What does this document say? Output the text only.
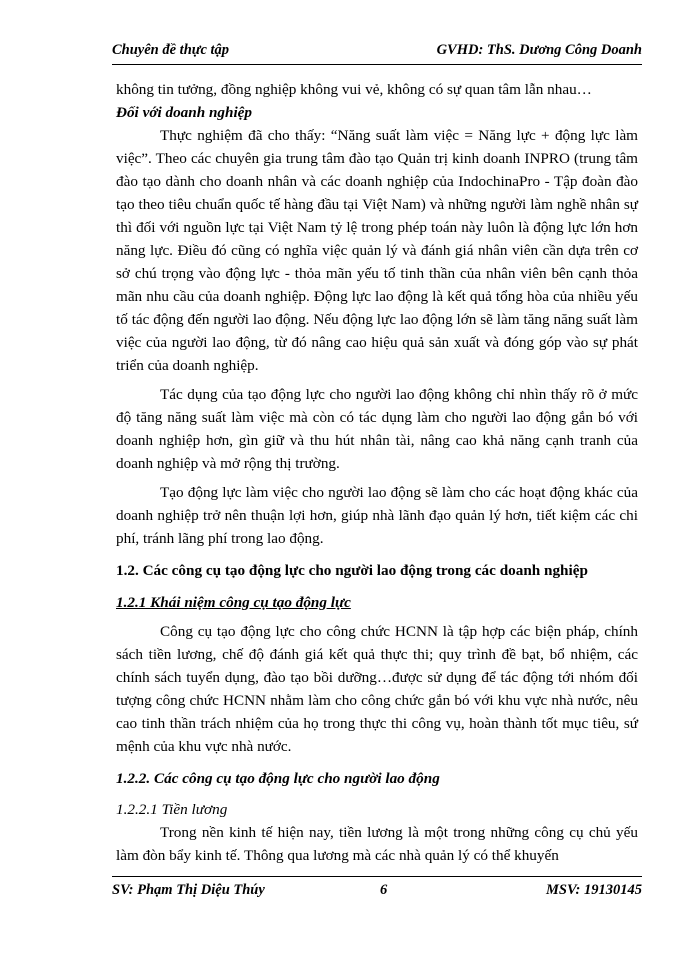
Chuyên đề thực tập	GVHD: ThS. Dương Công Doanh

không tin tưởng, đồng nghiệp không vui vẻ, không có sự quan tâm lẫn nhau…

Đối với doanh nghiệp

Thực nghiệm đã cho thấy: “Năng suất làm việc = Năng lực + động lực làm việc”. Theo các chuyên gia trung tâm đào tạo Quản trị kinh doanh INPRO (trung tâm đào tạo dành cho doanh nhân và các doanh nghiệp của IndochinaPro - Tập đoàn đào tạo theo tiêu chuẩn quốc tế hàng đầu tại Việt Nam) và những người làm nghề nhân sự thì đối với nguồn lực tại Việt Nam tỷ lệ trong phép toán này luôn là động lực lớn hơn năng lực. Điều đó cũng có nghĩa việc quản lý và đánh giá nhân viên cần dựa trên cơ sở chú trọng vào động lực - thỏa mãn yếu tố tinh thần của nhân viên bên cạnh thỏa mãn nhu cầu của doanh nghiệp. Động lực lao động là kết quả tổng hòa của nhiều yếu tố tác động đến người lao động. Nếu động lực lao động lớn sẽ làm tăng năng suất làm việc của người lao động, từ đó nâng cao hiệu quả sản xuất và đóng góp vào sự phát triển của doanh nghiệp.

Tác dụng của tạo động lực cho người lao động không chỉ nhìn thấy rõ ở mức độ tăng năng suất làm việc mà còn có tác dụng làm cho người lao động gắn bó với doanh nghiệp hơn, gìn giữ và thu hút nhân tài, nâng cao khả năng cạnh tranh của doanh nghiệp và mở rộng thị trường.

Tạo động lực làm việc cho người lao động sẽ làm cho các hoạt động khác của doanh nghiệp trở nên thuận lợi hơn, giúp nhà lãnh đạo quản lý hơn, tiết kiệm các chi phí, tránh lãng phí trong lao động.

1.2. Các công cụ tạo động lực cho người lao động trong các doanh nghiệp

1.2.1 Khái niệm công cụ tạo động lực

Công cụ tạo động lực cho công chức HCNN là tập hợp các biện pháp, chính sách tiền lương, chế độ đánh giá kết quả thực thi; quy trình đề bạt, bổ nhiệm, các chính sách tuyển dụng, đào tạo bồi dưỡng…được sử dụng để tác động tới nhóm đối tượng công chức HCNN nhằm làm cho công chức gắn bó với khu vực nhà nước, nêu cao tinh thần trách nhiệm của họ trong thực thi công vụ, hoàn thành tốt mục tiêu, sứ mệnh của khu vực nhà nước.

1.2.2. Các công cụ tạo động lực cho người lao động

1.2.2.1 Tiền lương

Trong nền kinh tế hiện nay, tiền lương là một trong những công cụ chủ yếu làm đòn bẩy kinh tế. Thông qua lương mà các nhà quản lý có thể khuyến

SV: Phạm Thị Diệu Thúy	6	MSV: 19130145
